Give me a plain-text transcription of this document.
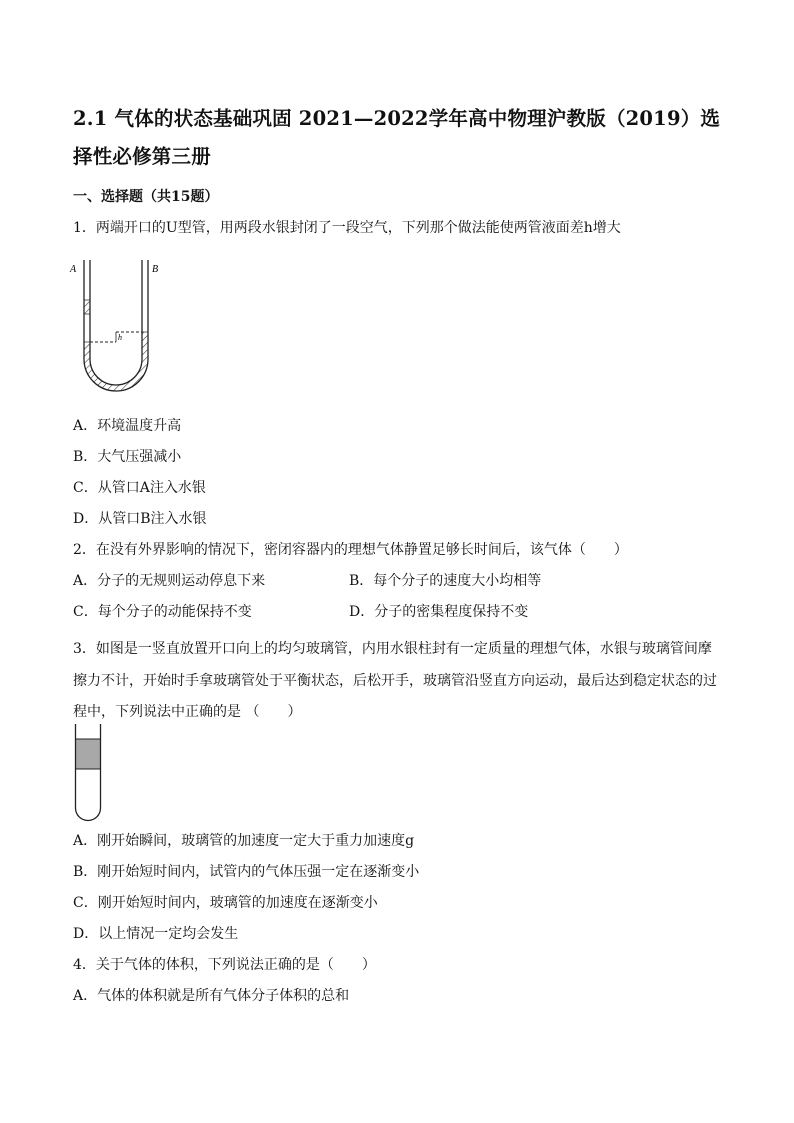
2.1 气体的状态基础巩固 2021—2022学年高中物理沪教版（2019）选择性必修第三册
一、选择题（共15题）
1．两端开口的U型管，用两段水银封闭了一段空气，下列那个做法能使两管液面差h增大
A	B
h
A．环境温度升高
B．大气压强减小
C．从管口A注入水银
D．从管口B注入水银
2．在没有外界影响的情况下，密闭容器内的理想气体静置足够长时间后，该气体（　　）
A．分子的无规则运动停息下来	B．每个分子的速度大小均相等
C．每个分子的动能保持不变	D．分子的密集程度保持不变
3．如图是一竖直放置开口向上的均匀玻璃管，内用水银柱封有一定质量的理想气体，水银与玻璃管间摩擦力不计，开始时手拿玻璃管处于平衡状态，后松开手，玻璃管沿竖直方向运动，最后达到稳定状态的过程中，下列说法中正确的是 （　　）
A．刚开始瞬间，玻璃管的加速度一定大于重力加速度g
B．刚开始短时间内，试管内的气体压强一定在逐渐变小
C．刚开始短时间内，玻璃管的加速度在逐渐变小
D．以上情况一定均会发生
4．关于气体的体积，下列说法正确的是（　　）
A．气体的体积就是所有气体分子体积的总和
